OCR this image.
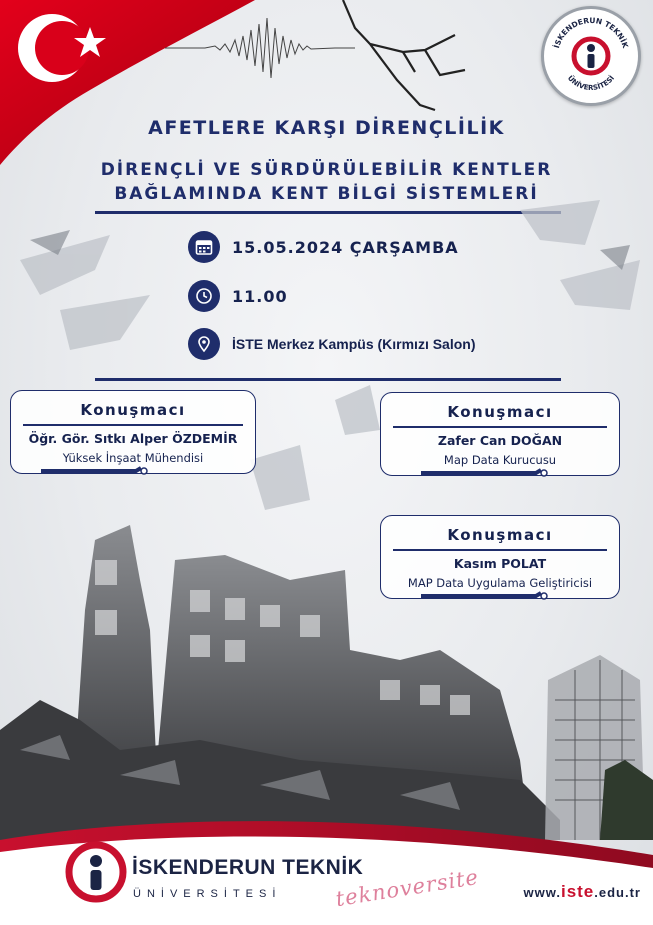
İSKENDERUN TEKNİK
ÜNİVERSİTESİ
AFETLERE KARŞI DİRENÇLİLİK
DİRENÇLİ VE SÜRDÜRÜLEBİLİR KENTLER
BAĞLAMINDA KENT BİLGİ SİSTEMLERİ
15.05.2024 ÇARŞAMBA
11.00
İSTE Merkez Kampüs (Kırmızı Salon)
Konuşmacı
Öğr. Gör. Sıtkı Alper ÖZDEMİR
Yüksek İnşaat Mühendisi
Konuşmacı
Zafer Can DOĞAN
Map Data Kurucusu
Konuşmacı
Kasım POLAT
MAP Data Uygulama Geliştiricisi
İSKENDERUN TEKNİK
ÜNİVERSİTESİ	teknoversite	www.iste.edu.tr
